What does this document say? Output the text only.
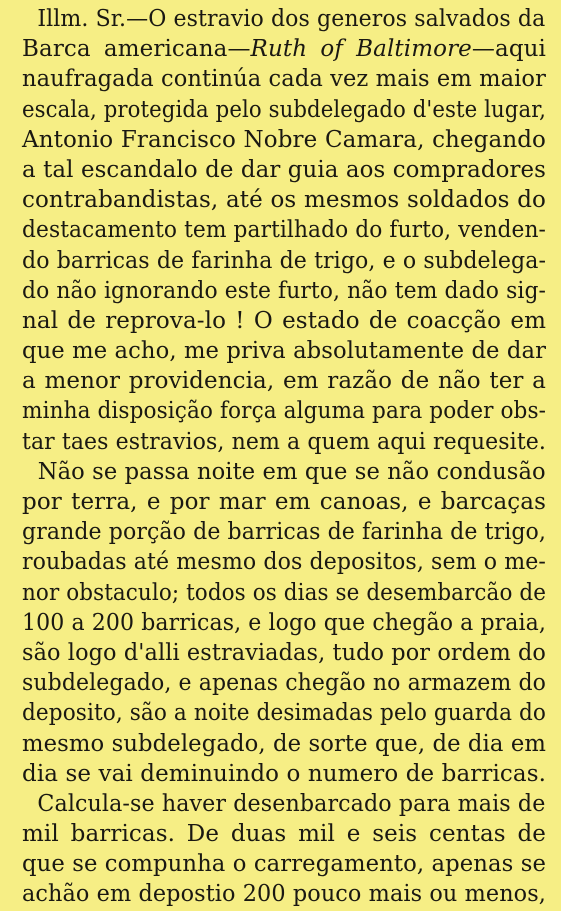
Illm. Sr.—O estravio dos generos salvados da
Barca americana—Ruth of Baltimore—aqui
naufragada continúa cada vez mais em maior
escala, protegida pelo subdelegado d'este lugar,
Antonio Francisco Nobre Camara, chegando
a tal escandalo de dar guia aos compradores
contrabandistas, até os mesmos soldados do
destacamento tem partilhado do furto, venden-
do barricas de farinha de trigo, e o subdelega-
do não ignorando este furto, não tem dado sig-
nal de reprova-lo ! O estado de coacção em
que me acho, me priva absolutamente de dar
a menor providencia, em razão de não ter a
minha disposição força alguma para poder obs-
tar taes estravios, nem a quem aqui requesite.
Não se passa noite em que se não condusão
por terra, e por mar em canoas, e barcaças
grande porção de barricas de farinha de trigo,
roubadas até mesmo dos depositos, sem o me-
nor obstaculo; todos os dias se desembarcão de
100 a 200 barricas, e logo que chegão a praia,
são logo d'alli estraviadas, tudo por ordem do
subdelegado, e apenas chegão no armazem do
deposito, são a noite desimadas pelo guarda do
mesmo subdelegado, de sorte que, de dia em
dia se vai deminuindo o numero de barricas.
Calcula-se haver desenbarcado para mais de
mil barricas. De duas mil e seis centas de
que se compunha o carregamento, apenas se
achão em depostio 200 pouco mais ou menos,
